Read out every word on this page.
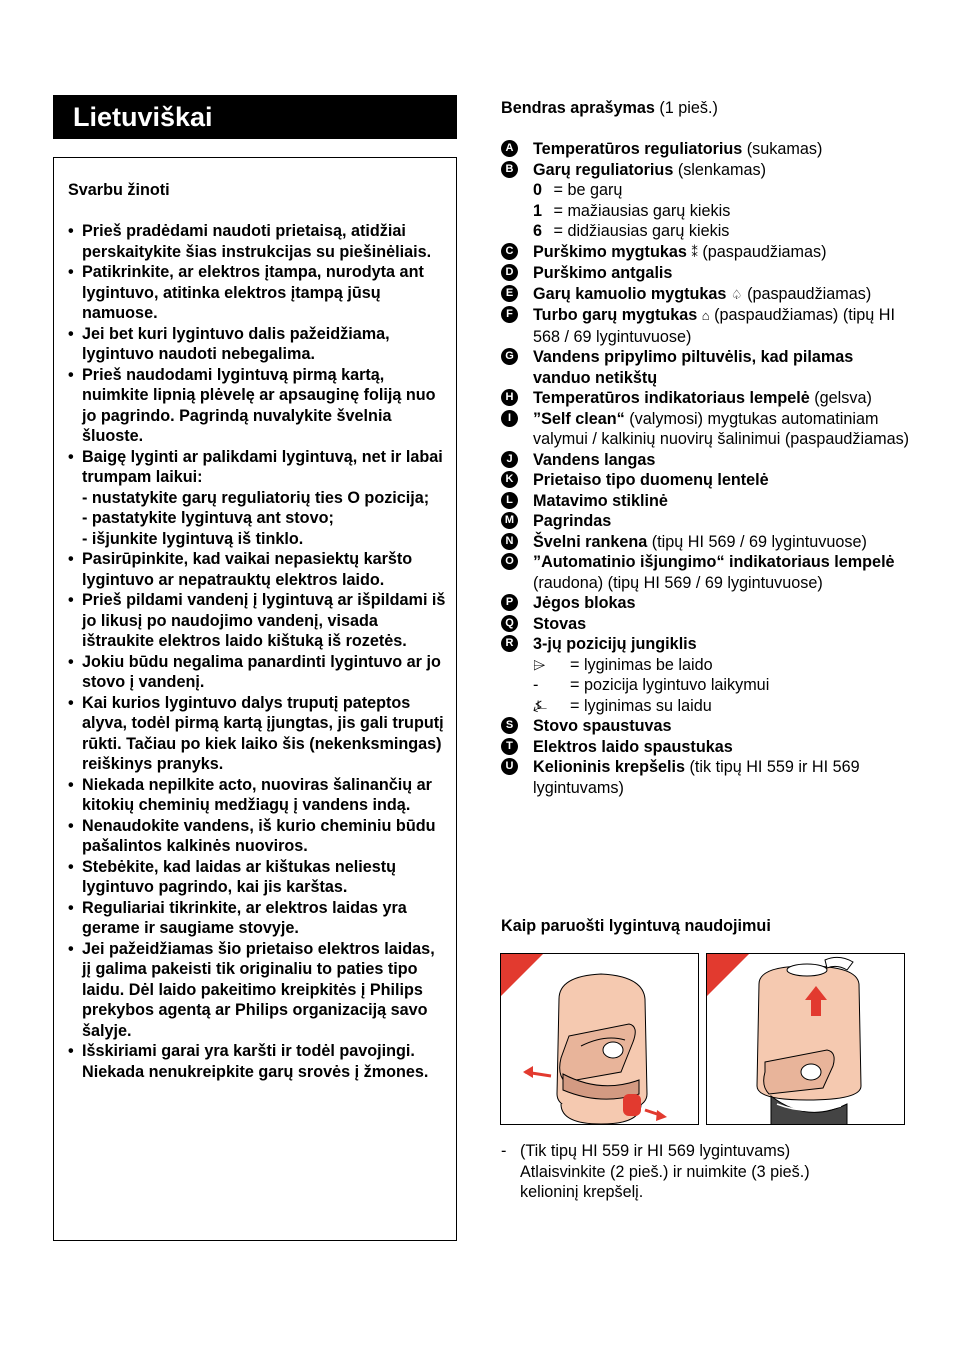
Lietuviškai
Svarbu žinoti
• Prieš pradėdami naudoti prietaisą, atidžiai perskaitykite šias instrukcijas su piešinėliais.
• Patikrinkite, ar elektros įtampa, nurodyta ant lygintuvo, atitinka elektros įtampą jūsų namuose.
• Jei bet kuri lygintuvo dalis pažeidžiama, lygintuvo naudoti nebegalima.
• Prieš naudodami lygintuvą pirmą kartą, nuimkite lipnią plėvelę ar apsauginę foliją nuo jo pagrindo. Pagrindą nuvalykite švelnia šluoste.
• Baigę lyginti ar palikdami lygintuvą, net ir labai trumpam laikui:
- nustatykite garų reguliatorių ties O pozicija;
- pastatykite lygintuvą ant stovo;
- išjunkite lygintuvą iš tinklo.
• Pasirūpinkite, kad vaikai nepasiektų karšto lygintuvo ar nepatrauktų elektros laido.
• Prieš pildami vandenį į lygintuvą ar išpildami iš jo likusį po naudojimo vandenį, visada ištraukite elektros laido kištuką iš rozetės.
• Jokiu būdu negalima panardinti lygintuvo ar jo stovo į vandenį.
• Kai kurios lygintuvo dalys truputį pateptos alyva, todėl pirmą kartą įjungtas, jis gali truputį rūkti. Tačiau po kiek laiko šis (nekenksmingas) reiškinys pranyks.
• Niekada nepilkite acto, nuoviras šalinančių ar kitokių cheminių medžiagų į vandens indą.
• Nenaudokite vandens, iš kurio cheminiu būdu pašalintos kalkinės nuoviros.
• Stebėkite, kad laidas ar kištukas neliestų lygintuvo pagrindo, kai jis karštas.
• Reguliariai tikrinkite, ar elektros laidas yra gerame ir saugiame stovyje.
• Jei pažeidžiamas šio prietaiso elektros laidas, jį galima pakeisti tik originaliu to paties tipo laidu. Dėl laido pakeitimo kreipkitės į Philips prekybos agentą ar Philips organizaciją savo šalyje.
• Išskiriami garai yra karšti ir todėl pavojingi. Niekada nenukreipkite garų srovės į žmones.
Bendras aprašymas (1 pieš.)
A Temperatūros reguliatorius (sukamas)
B Garų reguliatorius (slenkamas)
0 = be garų
1 = mažiausias garų kiekis
6 = didžiausias garų kiekis
C Purškimo mygtukas ⁑ (paspaudžiamas)
D Purškimo antgalis
E Garų kamuolio mygtukas ♤ (paspaudžiamas)
F	Turbo garų mygtukas ⌂ (paspaudžiamas) (tipų HI 568 / 69 lygintuvuose)
G Vandens pripylimo piltuvėlis, kad pilamas vanduo netikštų
H Temperatūros indikatoriaus lempelė (gelsva)
I	”Self clean“ (valymosi) mygtukas automatiniam valymui / kalkinių nuovirų šalinimui (paspaudžiamas)
J	Vandens langas
K Prietaiso tipo duomenų lentelė
L	Matavimo stiklinė
M Pagrindas
N Švelni rankena (tipų HI 569 / 69 lygintuvuose)
O ”Automatinio išjungimo“ indikatoriaus lempelė (raudona) (tipų HI 569 / 69 lygintuvuose)
P Jėgos blokas
Q Stovas
R 3-jų pozicijų jungiklis
⌲	= lyginimas be laido
-	= pozicija lygintuvo laikymui
⍼	= lyginimas su laidu
S Stovo spaustuvas
T	Elektros laido spaustukas
U Kelioninis krepšelis (tik tipų HI 559 ir HI 569 lygintuvams)
Kaip paruošti lygintuvą naudojimui
- (Tik tipų HI 559 ir HI 569 lygintuvams) Atlaisvinkite (2 pieš.) ir nuimkite (3 pieš.) kelioninį krepšelį.
